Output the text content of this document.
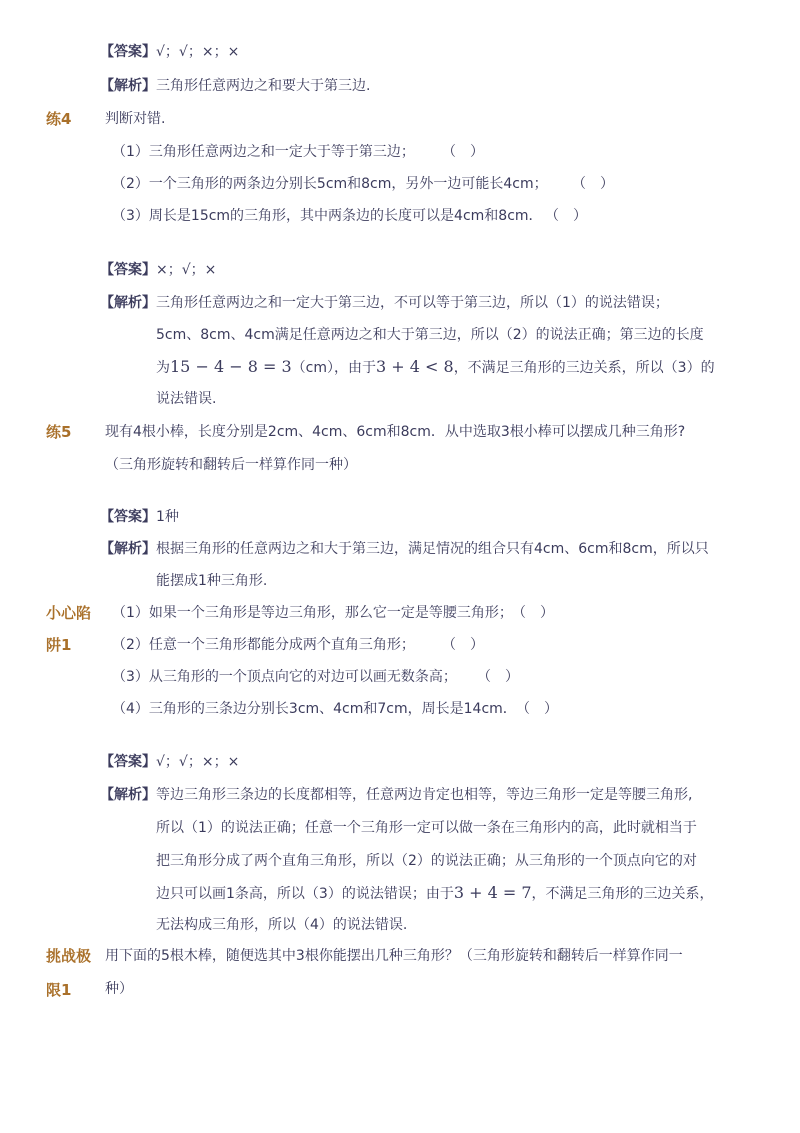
【答案】√；√；×；×
【解析】三角形任意两边之和要大于第三边.
练4 判断对错.
（1）三角形任意两边之和一定大于等于第三边； （　）
（2）一个三角形的两条边分别长5cm和8cm，另外一边可能长4cm； （　）
（3）周长是15cm的三角形，其中两条边的长度可以是4cm和8cm． （　）
【答案】×；√；×
【解析】三角形任意两边之和一定大于第三边，不可以等于第三边，所以（1）的说法错误；
5cm、8cm、4cm满足任意两边之和大于第三边，所以（2）的说法正确；第三边的长度
为15 − 4 − 8 = 3（cm），由于3 + 4 < 8，不满足三角形的三边关系，所以（3）的
说法错误.
练5 现有4根小棒，长度分别是2cm、4cm、6cm和8cm．从中选取3根小棒可以摆成几种三角形?
（三角形旋转和翻转后一样算作同一种）
【答案】1种
【解析】根据三角形的任意两边之和大于第三边，满足情况的组合只有4cm、6cm和8cm，所以只
能摆成1种三角形.
小心陷
阱1
（1）如果一个三角形是等边三角形，那么它一定是等腰三角形； （　）
（2）任意一个三角形都能分成两个直角三角形； （　）
（3）从三角形的一个顶点向它的对边可以画无数条高； （　）
（4）三角形的三条边分别长3cm、4cm和7cm，周长是14cm． （　）
【答案】√；√；×；×
【解析】等边三角形三条边的长度都相等，任意两边肯定也相等，等边三角形一定是等腰三角形,
所以（1）的说法正确；任意一个三角形一定可以做一条在三角形内的高，此时就相当于
把三角形分成了两个直角三角形，所以（2）的说法正确；从三角形的一个顶点向它的对
边只可以画1条高，所以（3）的说法错误；由于3 + 4 = 7，不满足三角形的三边关系，
无法构成三角形，所以（4）的说法错误.
挑战极
限1
用下面的5根木棒，随便选其中3根你能摆出几种三角形？（三角形旋转和翻转后一样算作同一
种）
